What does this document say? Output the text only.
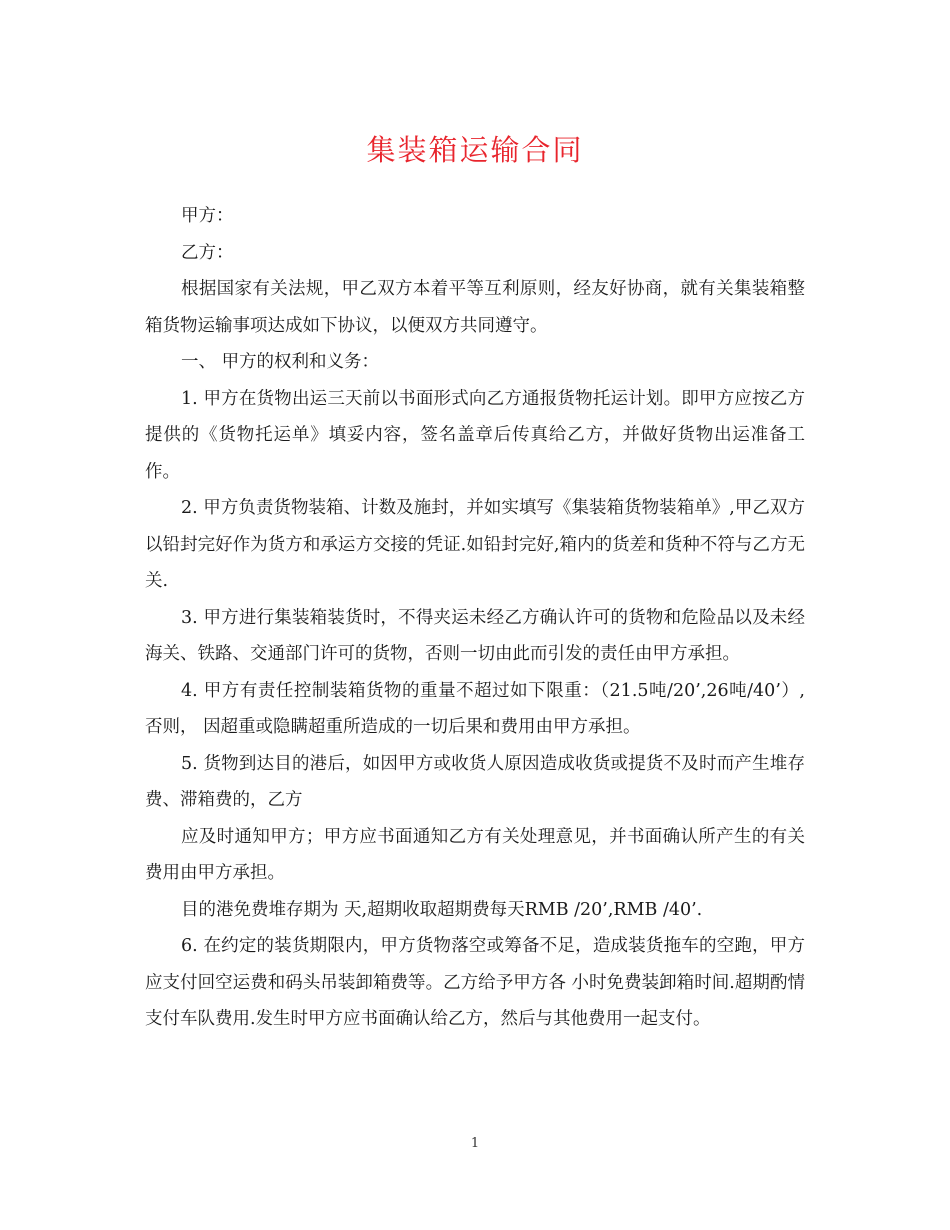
集装箱运输合同

甲方：

乙方：

根据国家有关法规，甲乙双方本着平等互利原则，经友好协商，就有关集装箱整箱货物运输事项达成如下协议，以便双方共同遵守。

一、 甲方的权利和义务：

1. 甲方在货物出运三天前以书面形式向乙方通报货物托运计划。即甲方应按乙方提供的《货物托运单》填妥内容，签名盖章后传真给乙方，并做好货物出运准备工作。

2. 甲方负责货物装箱、计数及施封，并如实填写《集装箱货物装箱单》,甲乙双方以铅封完好作为货方和承运方交接的凭证.如铅封完好,箱内的货差和货种不符与乙方无关.

3. 甲方进行集装箱装货时，不得夹运未经乙方确认许可的货物和危险品以及未经海关、铁路、交通部门许可的货物，否则一切由此而引发的责任由甲方承担。

4. 甲方有责任控制装箱货物的重量不超过如下限重：（21.5吨/20’,26吨/40’）,否则， 因超重或隐瞒超重所造成的一切后果和费用由甲方承担。

5. 货物到达目的港后，如因甲方或收货人原因造成收货或提货不及时而产生堆存费、滞箱费的，乙方

应及时通知甲方；甲方应书面通知乙方有关处理意见，并书面确认所产生的有关费用由甲方承担。

目的港免费堆存期为 天,超期收取超期费每天RMB /20’,RMB /40’.

6. 在约定的装货期限内，甲方货物落空或筹备不足，造成装货拖车的空跑，甲方应支付回空运费和码头吊装卸箱费等。乙方给予甲方各 小时免费装卸箱时间.超期酌情支付车队费用.发生时甲方应书面确认给乙方，然后与其他费用一起支付。

1
